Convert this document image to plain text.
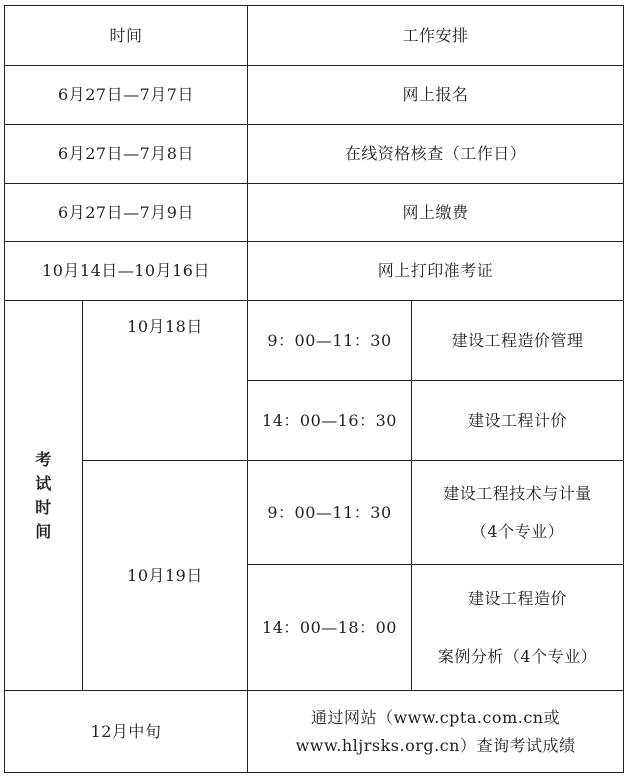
时间		工作安排	
6月27日—7月7日		网上报名	
6月27日—7月8日		在线资格核查（工作日）	
6月27日—7月9日		网上缴费	
10月14日—10月16日		网上打印准考证	

考
试
时
间	10月18日	9：00—11：30	建设工程造价管理
		14：00—16：30	建设工程计价
	10月19日	9：00—11：30	建设工程技术与计量
（4个专业）

		14：00—18：00	建设工程造价
案例分析（4个专业）

12月中旬		通过网站（www.cpta.com.cn或
www.hljrsks.org.cn）查询考试成绩	
